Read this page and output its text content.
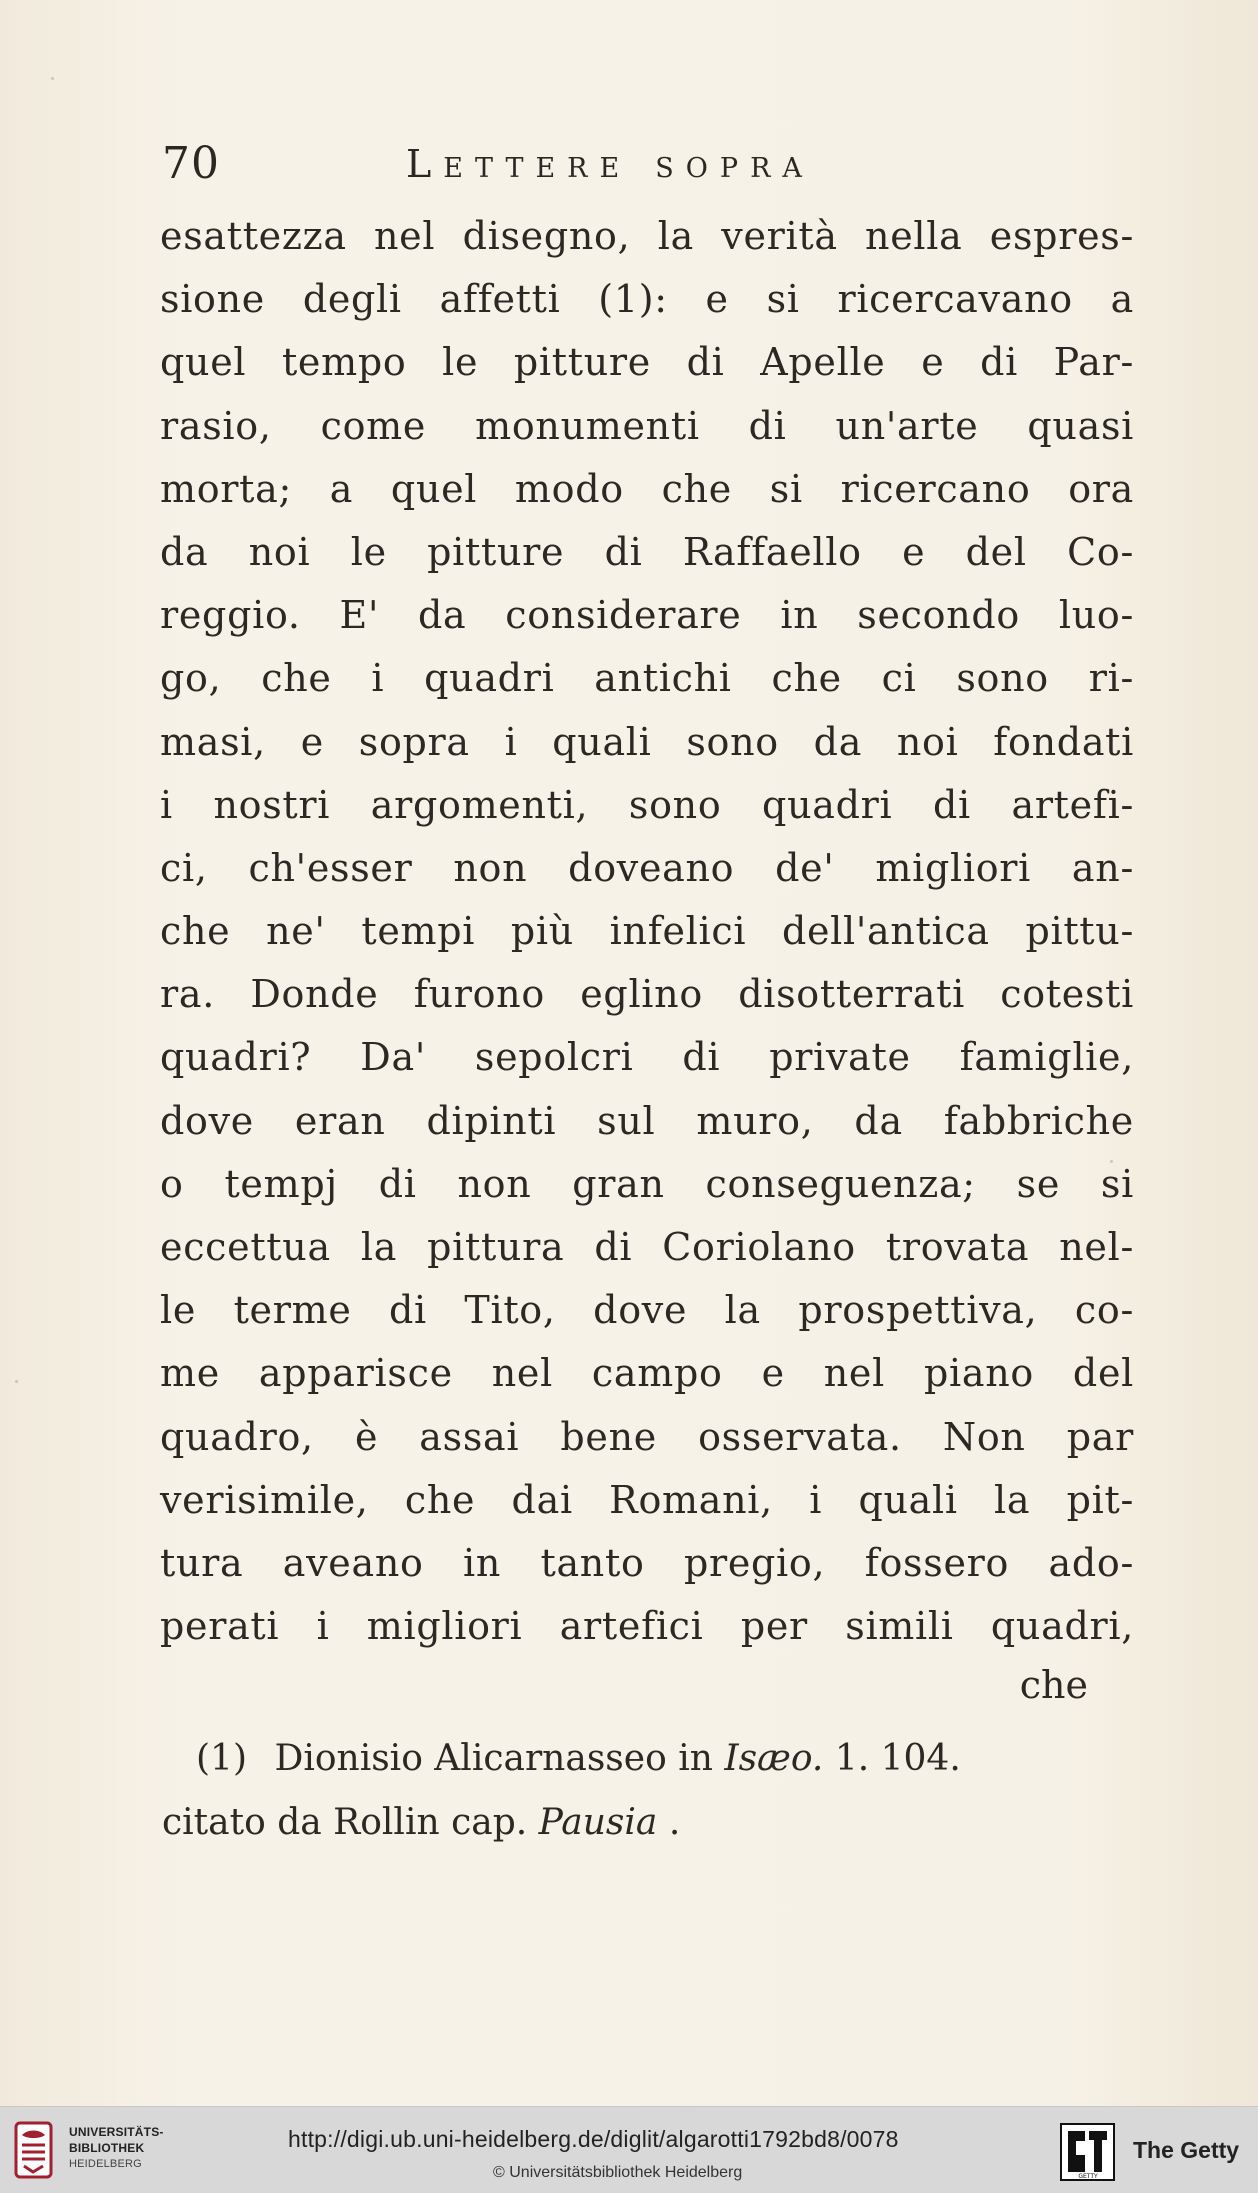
70	Lettere sopra
esattezza nel disegno, la verità nella espres-
sione degli affetti (1): e si ricercavano a
quel tempo le pitture di Apelle e di Par-
rasio, come monumenti di un'arte quasi
morta; a quel modo che si ricercano ora
da noi le pitture di Raffaello e del Co-
reggio. E' da considerare in secondo luo-
go, che i quadri antichi che ci sono ri-
masi, e sopra i quali sono da noi fondati
i nostri argomenti, sono quadri di artefi-
ci, ch'esser non doveano de' migliori an-
che ne' tempi più infelici dell'antica pittu-
ra. Donde furono eglino disotterrati cotesti
quadri? Da' sepolcri di private famiglie,
dove eran dipinti sul muro, da fabbriche
o tempj di non gran conseguenza; se si
eccettua la pittura di Coriolano trovata nel-
le terme di Tito, dove la prospettiva, co-
me apparisce nel campo e nel piano del
quadro, è assai bene osservata. Non par
verisimile, che dai Romani, i quali la pit-
tura aveano in tanto pregio, fossero ado-
perati i migliori artefici per simili quadri,
che
(1) Dionisio Alicarnasseo in Isæo. 1. 104.
citato da Rollin cap. Pausia .
UNIVERSITÄTS-
BIBLIOTHEK
HEIDELBERG
http://digi.ub.uni-heidelberg.de/diglit/algarotti1792bd8/0078
© Universitätsbibliothek Heidelberg	GETTY
The Getty
